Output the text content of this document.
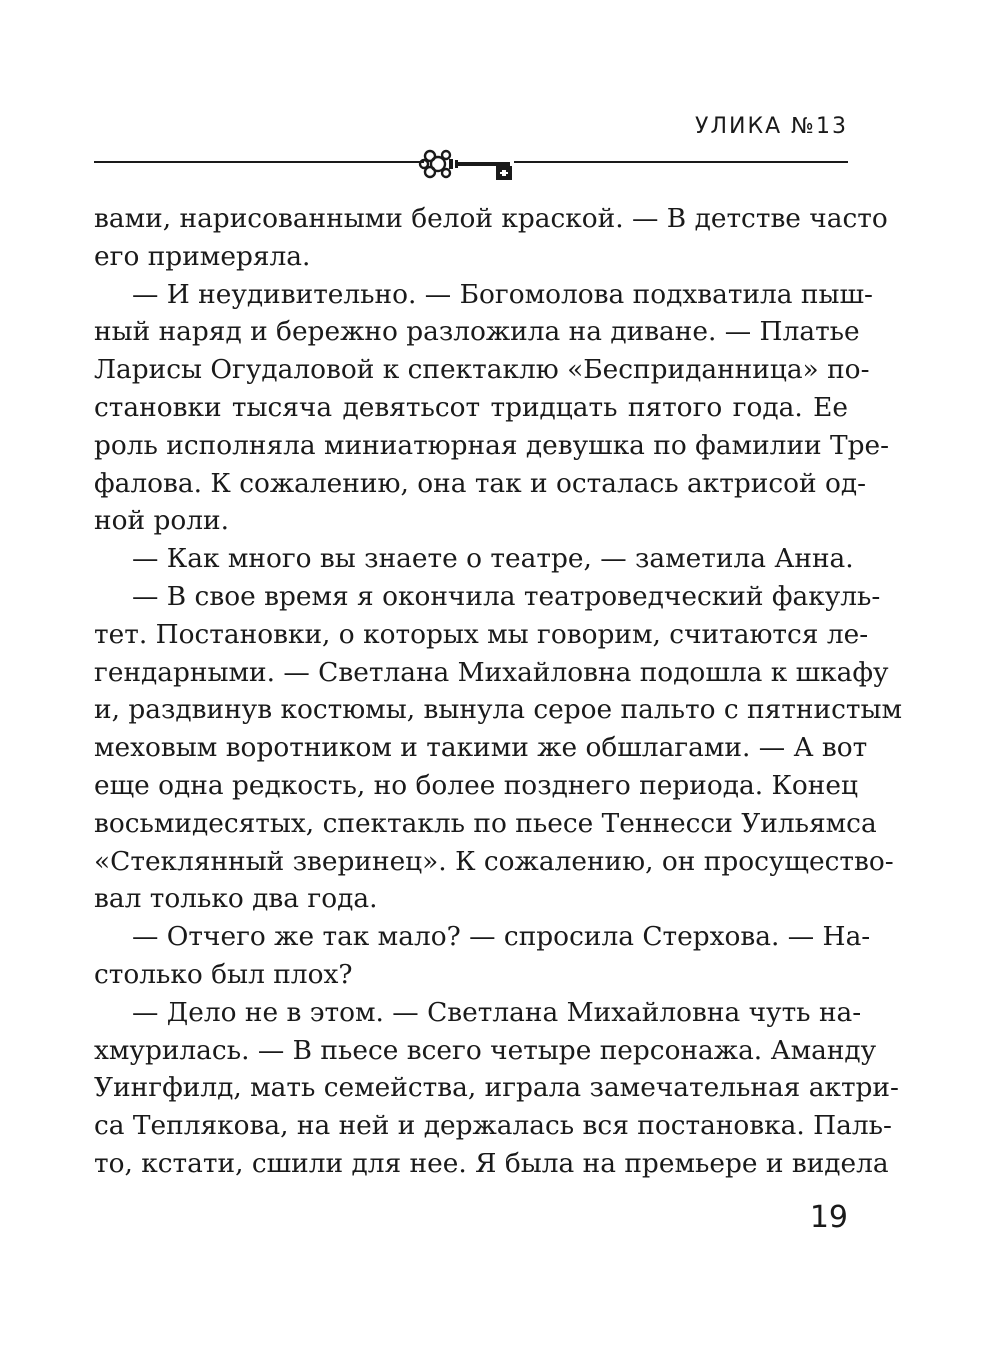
УЛИКА №13
вами, нарисованными белой краской. — В детстве часто
его примеряла.
— И неудивительно. — Богомолова подхватила пыш-
ный наряд и бережно разложила на диване. — Платье
Ларисы Огудаловой к спектаклю «Бесприданница» по-
становки тысяча девятьсот тридцать пятого года. Ее
роль исполняла миниатюрная девушка по фамилии Тре-
фалова. К сожалению, она так и осталась актрисой од-
ной роли.
— Как много вы знаете о театре, — заметила Анна.
— В свое время я окончила театроведческий факуль-
тет. Постановки, о которых мы говорим, считаются ле-
гендарными. — Светлана Михайловна подошла к шкафу
и, раздвинув костюмы, вынула серое пальто с пятнистым
меховым воротником и такими же обшлагами. — А вот
еще одна редкость, но более позднего периода. Конец
восьмидесятых, спектакль по пьесе Теннесси Уильямса
«Стеклянный зверинец». К сожалению, он просуществo-
вал только два года.
— Отчего же так мало? — спросила Стерхова. — На-
столько был плох?
— Дело не в этом. — Светлана Михайловна чуть на-
хмурилась. — В пьесе всего четыре персонажа. Аманду
Уингфилд, мать семейства, играла замечательная актри-
са Теплякова, на ней и держалась вся постановка. Паль-
то, кстати, сшили для нее. Я была на премьере и видела
19
